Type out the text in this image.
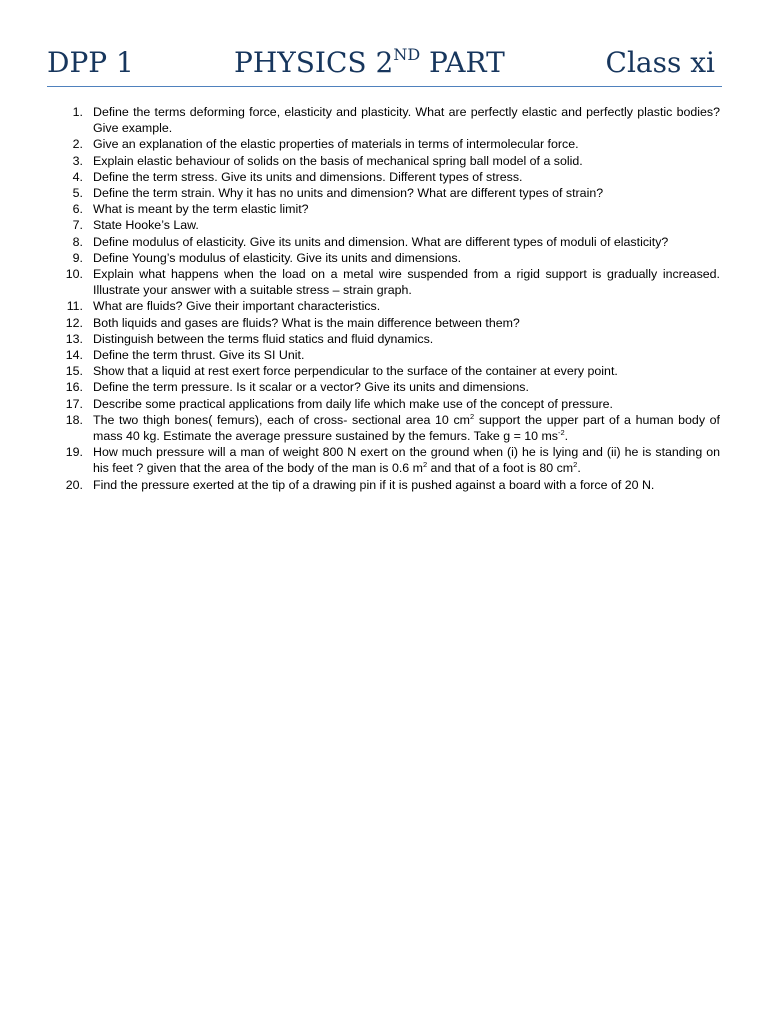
DPP 1	PHYSICS 2ND PART	Class xi
1. Define the terms deforming force, elasticity and plasticity. What are perfectly elastic and perfectly plastic bodies? Give example.
2. Give an explanation of the elastic properties of materials in terms of intermolecular force.
3. Explain elastic behaviour of solids on the basis of mechanical spring ball model of a solid.
4. Define the term stress. Give its units and dimensions. Different types of stress.
5. Define the term strain. Why it has no units and dimension? What are different types of strain?
6. What is meant by the term elastic limit?
7. State Hooke’s Law.
8. Define modulus of elasticity. Give its units and dimension. What are different types of moduli of elasticity?
9. Define Young’s modulus of elasticity. Give its units and dimensions.
10. Explain what happens when the load on a metal wire suspended from a rigid support is gradually increased. Illustrate your answer with a suitable stress – strain graph.
11. What are fluids? Give their important characteristics.
12. Both liquids and gases are fluids? What is the main difference between them?
13. Distinguish between the terms fluid statics and fluid dynamics.
14. Define the term thrust. Give its SI Unit.
15. Show that a liquid at rest exert force perpendicular to the surface of the container at every point.
16. Define the term pressure. Is it scalar or a vector? Give its units and dimensions.
17. Describe some practical applications from daily life which make use of the concept of pressure.
18. The two thigh bones( femurs), each of cross- sectional area 10 $cm^2$ support the upper part of a human body of mass 40 kg. Estimate the average pressure sustained by the femurs. Take g = 10 $ms^{-2}$.
19. How much pressure will a man of weight 800 N exert on the ground when (i) he is lying and (ii) he is standing on his feet ? given that the area of the body of the man is 0.6 $m^2$ and that of a foot is 80 $cm^2$.
20. Find the pressure exerted at the tip of a drawing pin if it is pushed against a board with a force of 20 N.
